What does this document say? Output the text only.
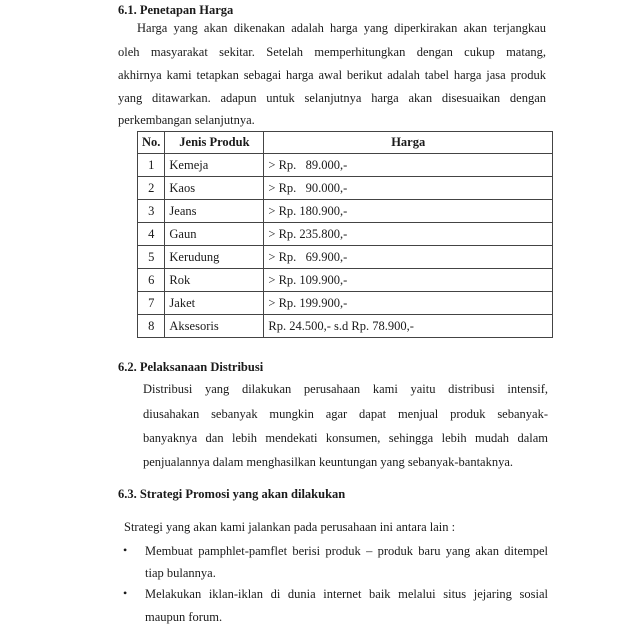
6.1. Penetapan Harga
Harga yang akan dikenakan adalah harga yang diperkirakan akan terjangkau
oleh masyarakat sekitar. Setelah memperhitungkan dengan cukup matang,
akhirnya kami tetapkan sebagai harga awal berikut adalah tabel harga jasa produk
yang ditawarkan. adapun untuk selanjutnya harga akan disesuaikan dengan
perkembangan selanjutnya.
No.	Jenis Produk	Harga
1	Kemeja	> Rp.   89.000,-
2	Kaos	> Rp.   90.000,-
3	Jeans	> Rp. 180.900,-
4	Gaun	> Rp. 235.800,-
5	Kerudung	> Rp.   69.900,-
6	Rok	> Rp. 109.900,-
7	Jaket	> Rp. 199.900,-
8	Aksesoris	Rp. 24.500,- s.d Rp. 78.900,-
6.2. Pelaksanaan Distribusi
Distribusi yang dilakukan perusahaan kami yaitu distribusi intensif,
diusahakan sebanyak mungkin agar dapat menjual produk sebanyak-
banyaknya dan lebih mendekati konsumen, sehingga lebih mudah dalam
penjualannya dalam menghasilkan keuntungan yang sebanyak-bantaknya.
6.3. Strategi Promosi yang akan dilakukan
Strategi yang akan kami jalankan pada perusahaan ini antara lain :
• Membuat pamphlet-pamflet berisi produk – produk baru yang akan ditempel
tiap bulannya.
• Melakukan iklan-iklan di dunia internet baik melalui situs jejaring sosial
maupun forum.
